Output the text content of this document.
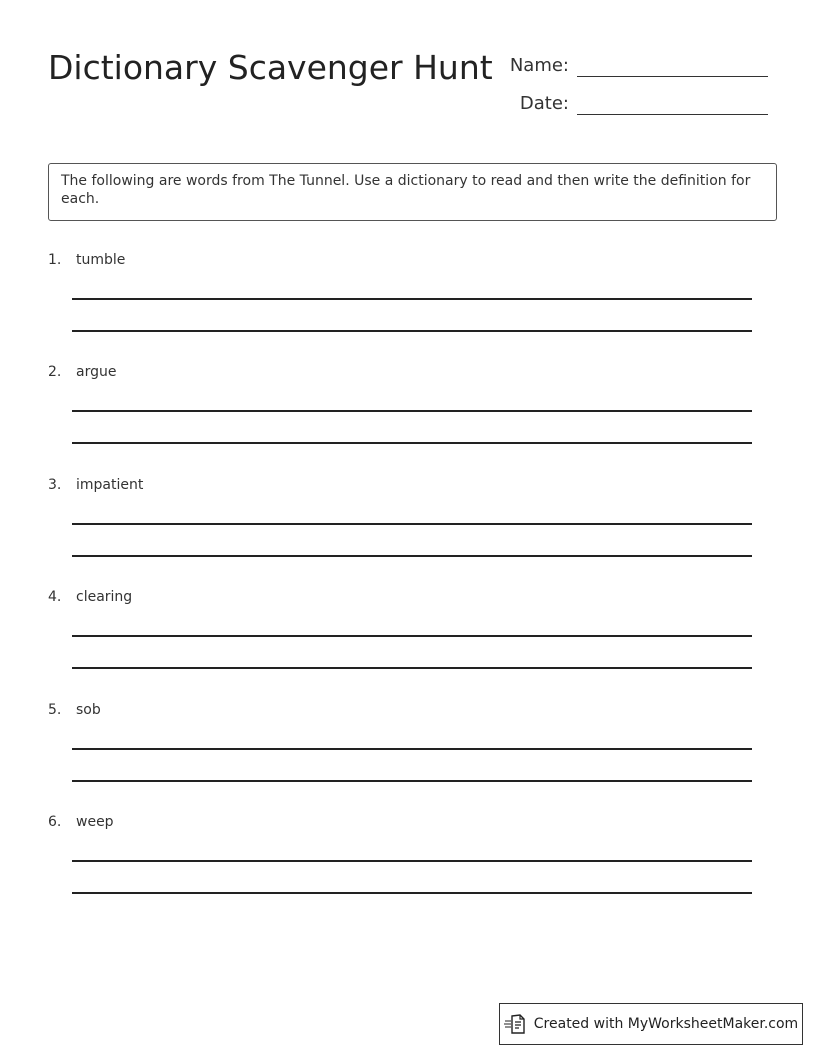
Dictionary Scavenger Hunt Name:
Date:
The following are words from The Tunnel. Use a dictionary to read and then write the definition for each.
1.	tumble
2.	argue
3.	impatient
4.	clearing
5.	sob
6.	weep
Created with MyWorksheetMaker.com
